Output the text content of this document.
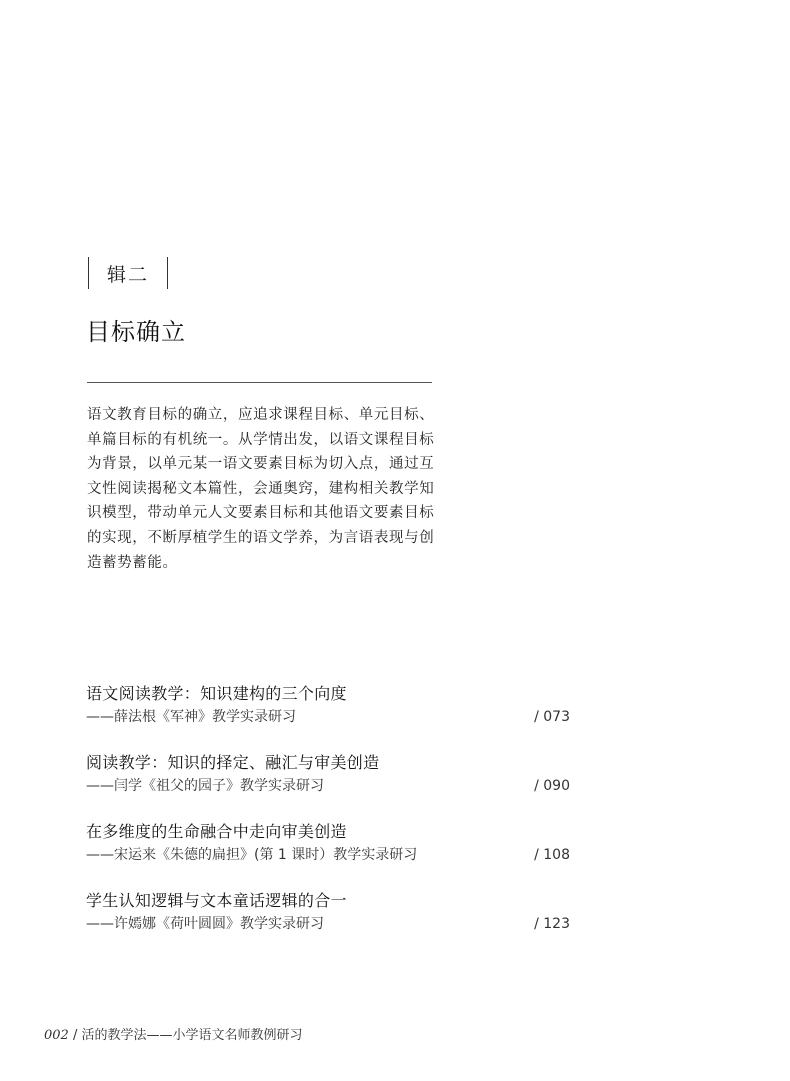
辑二
目标确立
语文教育目标的确立，应追求课程目标、单元目标、单篇目标的有机统一。从学情出发，以语文课程目标为背景，以单元某一语文要素目标为切入点，通过互文性阅读揭秘文本篇性，会通奥窍，建构相关教学知识模型，带动单元人文要素目标和其他语文要素目标的实现，不断厚植学生的语文学养，为言语表现与创造蓄势蓄能。
语文阅读教学：知识建构的三个向度
——薛法根《军神》教学实录研习	/ 073
阅读教学：知识的择定、融汇与审美创造
——闫学《祖父的园子》教学实录研习	/ 090
在多维度的生命融合中走向审美创造
——宋运来《朱德的扁担》(第 1 课时）教学实录研习	/ 108
学生认知逻辑与文本童话逻辑的合一
——许嫣娜《荷叶圆圆》教学实录研习	/ 123
002 / 活的教学法——小学语文名师教例研习
